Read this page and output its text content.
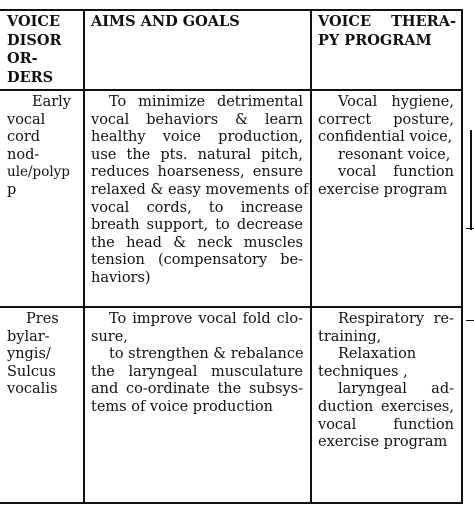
VOICE
DISOR
OR-
DERS
AIMS AND GOALS	VOICE THERA-
PY PROGRAM
Early
vocal
cord
nod-
ule/polyp
p
To minimize detrimental
vocal behaviors & learn
healthy voice production,
use the pts. natural pitch,
reduces hoarseness, ensure
relaxed & easy movements of
vocal cords, to increase
breath support, to decrease
the head & neck muscles
tension (compensatory be-
haviors)
Vocal hygiene,
correct posture,
confidential voice,
resonant voice,
vocal function
exercise program
Pres
bylar-
yngis/
Sulcus
vocalis
To improve vocal fold clo-
sure,
to strengthen & rebalance
the laryngeal musculature
and co-ordinate the subsys-
tems of voice production
Respiratory re-
training,
Relaxation
techniques ,
laryngeal ad-
duction exercises,
vocal function
exercise program
